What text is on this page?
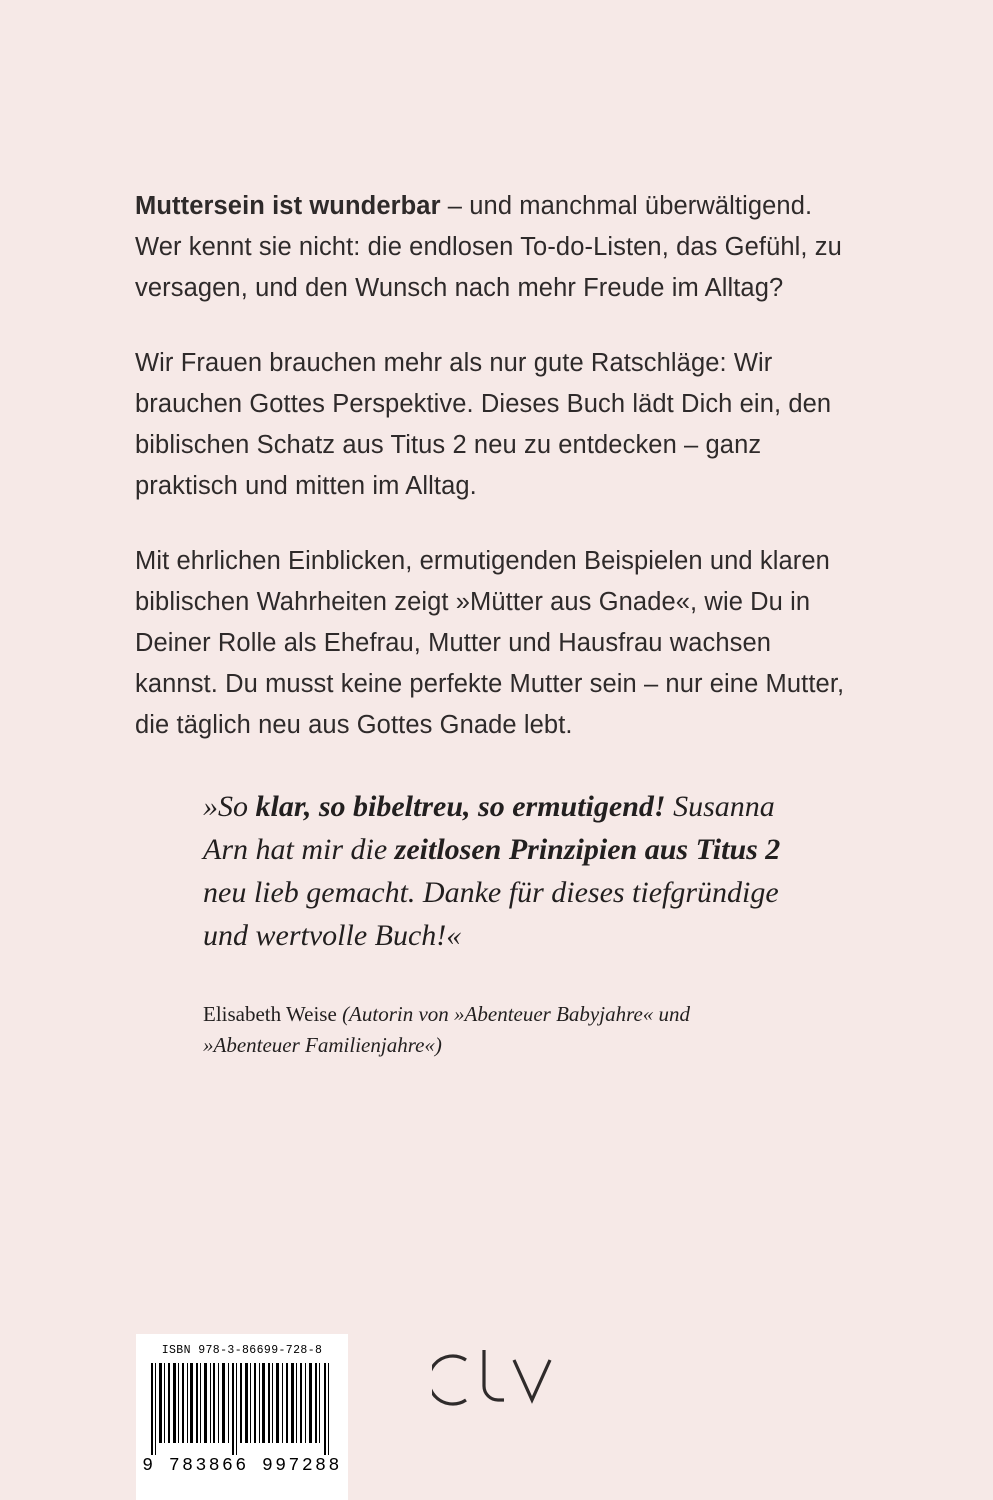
Muttersein ist wunderbar – und manchmal überwältigend. Wer kennt sie nicht: die endlosen To-do-Listen, das Gefühl, zu versagen, und den Wunsch nach mehr Freude im Alltag?

Wir Frauen brauchen mehr als nur gute Ratschläge: Wir brauchen Gottes Perspektive. Dieses Buch lädt Dich ein, den biblischen Schatz aus Titus 2 neu zu entdecken – ganz praktisch und mitten im Alltag.

Mit ehrlichen Einblicken, ermutigenden Beispielen und klaren biblischen Wahrheiten zeigt »Mütter aus Gnade«, wie Du in Deiner Rolle als Ehefrau, Mutter und Hausfrau wachsen kannst. Du musst keine perfekte Mutter sein – nur eine Mutter, die täglich neu aus Gottes Gnade lebt.

»So klar, so bibeltreu, so ermutigend! Susanna Arn hat mir die zeitlosen Prinzipien aus Titus 2 neu lieb gemacht. Danke für dieses tiefgründige und wertvolle Buch!«
Elisabeth Weise (Autorin von »Abenteuer Babyjahre« und »Abenteuer Familienjahre«)
ISBN 978-3-86699-728-8
9 783866 997288
